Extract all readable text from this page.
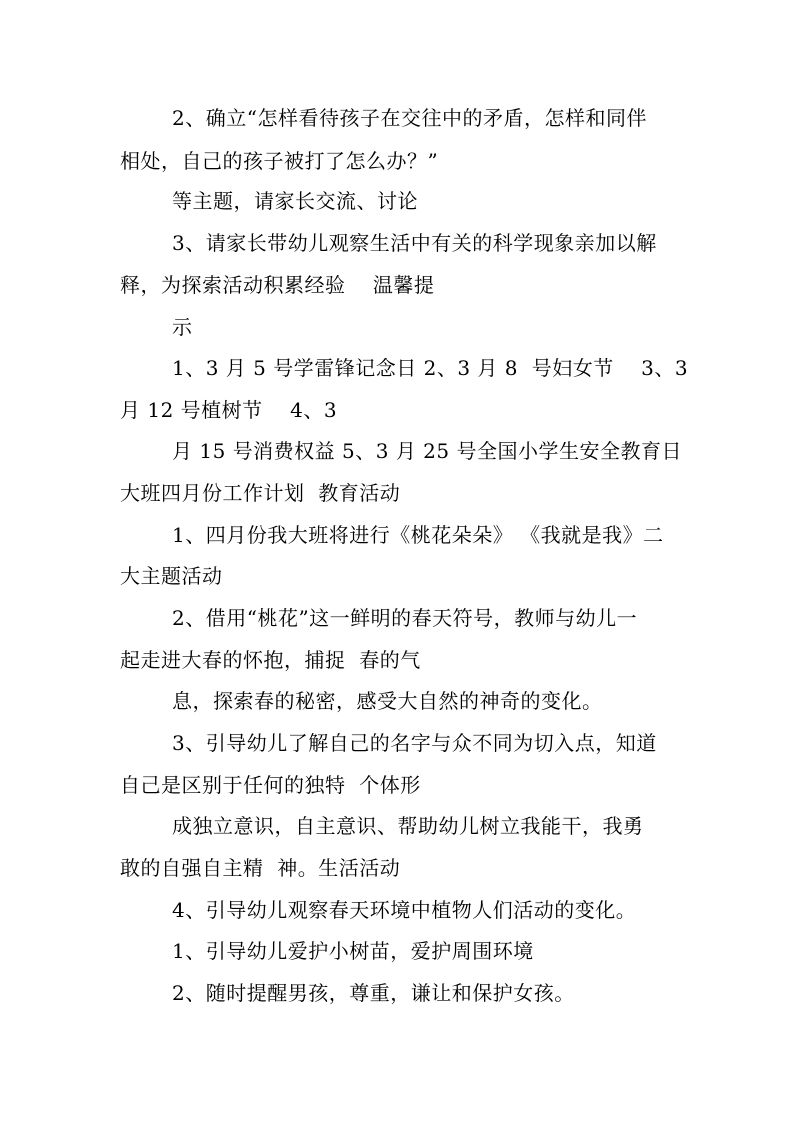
2、确立“怎样看待孩子在交往中的矛盾，怎样和同伴
相处，自己的孩子被打了怎么办？”
等主题，请家长交流、讨论
3、请家长带幼儿观察生活中有关的科学现象亲加以解
释，为探索活动积累经验    温馨提
示
1、3 月 5 号学雷锋记念日 2、3 月 8  号妇女节    3、3
月 12 号植树节    4、3
月 15 号消费权益 5、3 月 25 号全国小学生安全教育日
大班四月份工作计划  教育活动
1、四月份我大班将进行《桃花朵朵》 《我就是我》二
大主题活动
2、借用“桃花”这一鲜明的春天符号，教师与幼儿一
起走进大春的怀抱，捕捉  春的气
息，探索春的秘密，感受大自然的神奇的变化。
3、引导幼儿了解自己的名字与众不同为切入点，知道
自己是区别于任何的独特  个体形
成独立意识，自主意识、帮助幼儿树立我能干，我勇
敢的自强自主精  神。生活活动
4、引导幼儿观察春天环境中植物人们活动的变化。
1、引导幼儿爱护小树苗，爱护周围环境
2、随时提醒男孩，尊重，谦让和保护女孩。
